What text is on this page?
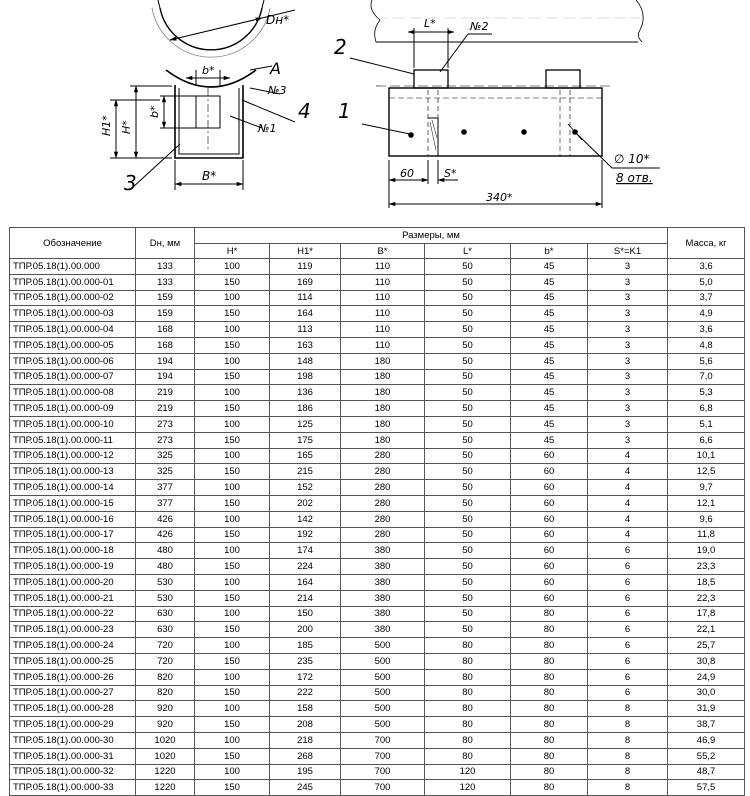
Dн*
A
b*
№3
№1
H1* H*
b*
B*
1
2
3
4
L*	№2
60	S*
340*
∅ 10*
8 отв.
Обозначение	Dн, мм	Размеры, мм						Масса, кг
		H*	H1*	B*	L*	b*	S*=K1	
ТПР.05.18(1).00.000	133	100	119	110	50	45	3	3,6
ТПР.05.18(1).00.000-01	133	150	169	110	50	45	3	5,0
ТПР.05.18(1).00.000-02	159	100	114	110	50	45	3	3,7
ТПР.05.18(1).00.000-03	159	150	164	110	50	45	3	4,9
ТПР.05.18(1).00.000-04	168	100	113	110	50	45	3	3,6
ТПР.05.18(1).00.000-05	168	150	163	110	50	45	3	4,8
ТПР.05.18(1).00.000-06	194	100	148	180	50	45	3	5,6
ТПР.05.18(1).00.000-07	194	150	198	180	50	45	3	7,0
ТПР.05.18(1).00.000-08	219	100	136	180	50	45	3	5,3
ТПР.05.18(1).00.000-09	219	150	186	180	50	45	3	6,8
ТПР.05.18(1).00.000-10	273	100	125	180	50	45	3	5,1
ТПР.05.18(1).00.000-11	273	150	175	180	50	45	3	6,6
ТПР.05.18(1).00.000-12	325	100	165	280	50	60	4	10,1
ТПР.05.18(1).00.000-13	325	150	215	280	50	60	4	12,5
ТПР.05.18(1).00.000-14	377	100	152	280	50	60	4	9,7
ТПР.05.18(1).00.000-15	377	150	202	280	50	60	4	12,1
ТПР.05.18(1).00.000-16	426	100	142	280	50	60	4	9,6
ТПР.05.18(1).00.000-17	426	150	192	280	50	60	4	11,8
ТПР.05.18(1).00.000-18	480	100	174	380	50	60	6	19,0
ТПР.05.18(1).00.000-19	480	150	224	380	50	60	6	23,3
ТПР.05.18(1).00.000-20	530	100	164	380	50	60	6	18,5
ТПР.05.18(1).00.000-21	530	150	214	380	50	60	6	22,3
ТПР.05.18(1).00.000-22	630	100	150	380	50	80	6	17,8
ТПР.05.18(1).00.000-23	630	150	200	380	50	80	6	22,1
ТПР.05.18(1).00.000-24	720	100	185	500	80	80	6	25,7
ТПР.05.18(1).00.000-25	720	150	235	500	80	80	6	30,8
ТПР.05.18(1).00.000-26	820	100	172	500	80	80	6	24,9
ТПР.05.18(1).00.000-27	820	150	222	500	80	80	6	30,0
ТПР.05.18(1).00.000-28	920	100	158	500	80	80	8	31,9
ТПР.05.18(1).00.000-29	920	150	208	500	80	80	8	38,7
ТПР.05.18(1).00.000-30	1020	100	218	700	80	80	8	46,9
ТПР.05.18(1).00.000-31	1020	150	268	700	80	80	8	55,2
ТПР.05.18(1).00.000-32	1220	100	195	700	120	80	8	48,7
ТПР.05.18(1).00.000-33	1220	150	245	700	120	80	8	57,5
